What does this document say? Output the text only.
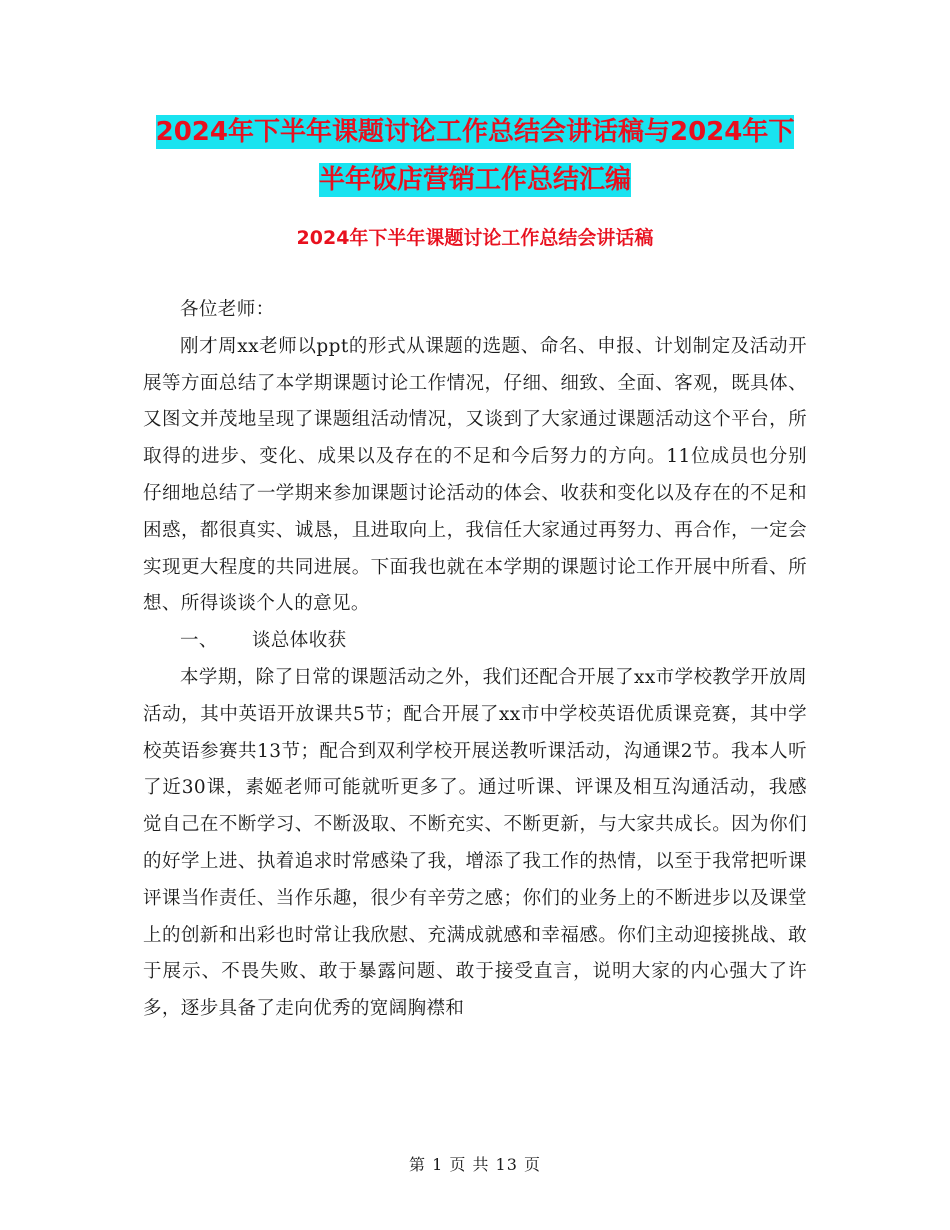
2024年下半年课题讨论工作总结会讲话稿与2024年下
半年饭店营销工作总结汇编
2024年下半年课题讨论工作总结会讲话稿

各位老师：

刚才周xx老师以ppt的形式从课题的选题、命名、申报、计划制定及活动开展等方面总结了本学期课题讨论工作情况，仔细、细致、全面、客观，既具体、又图文并茂地呈现了课题组活动情况，又谈到了大家通过课题活动这个平台，所取得的进步、变化、成果以及存在的不足和今后努力的方向。11位成员也分别仔细地总结了一学期来参加课题讨论活动的体会、收获和变化以及存在的不足和困惑，都很真实、诚恳，且进取向上，我信任大家通过再努力、再合作，一定会实现更大程度的共同进展。下面我也就在本学期的课题讨论工作开展中所看、所想、所得谈谈个人的意见。

一、	谈总体收获

本学期，除了日常的课题活动之外，我们还配合开展了xx市学校教学开放周活动，其中英语开放课共5节；配合开展了xx市中学校英语优质课竞赛，其中学校英语参赛共13节；配合到双利学校开展送教听课活动，沟通课2节。我本人听了近30课，素姬老师可能就听更多了。通过听课、评课及相互沟通活动，我感觉自己在不断学习、不断汲取、不断充实、不断更新，与大家共成长。因为你们的好学上进、执着追求时常感染了我，增添了我工作的热情，以至于我常把听课评课当作责任、当作乐趣，很少有辛劳之感；你们的业务上的不断进步以及课堂上的创新和出彩也时常让我欣慰、充满成就感和幸福感。你们主动迎接挑战、敢于展示、不畏失败、敢于暴露问题、敢于接受直言，说明大家的内心强大了许多，逐步具备了走向优秀的宽阔胸襟和

第 1 页 共 13 页
